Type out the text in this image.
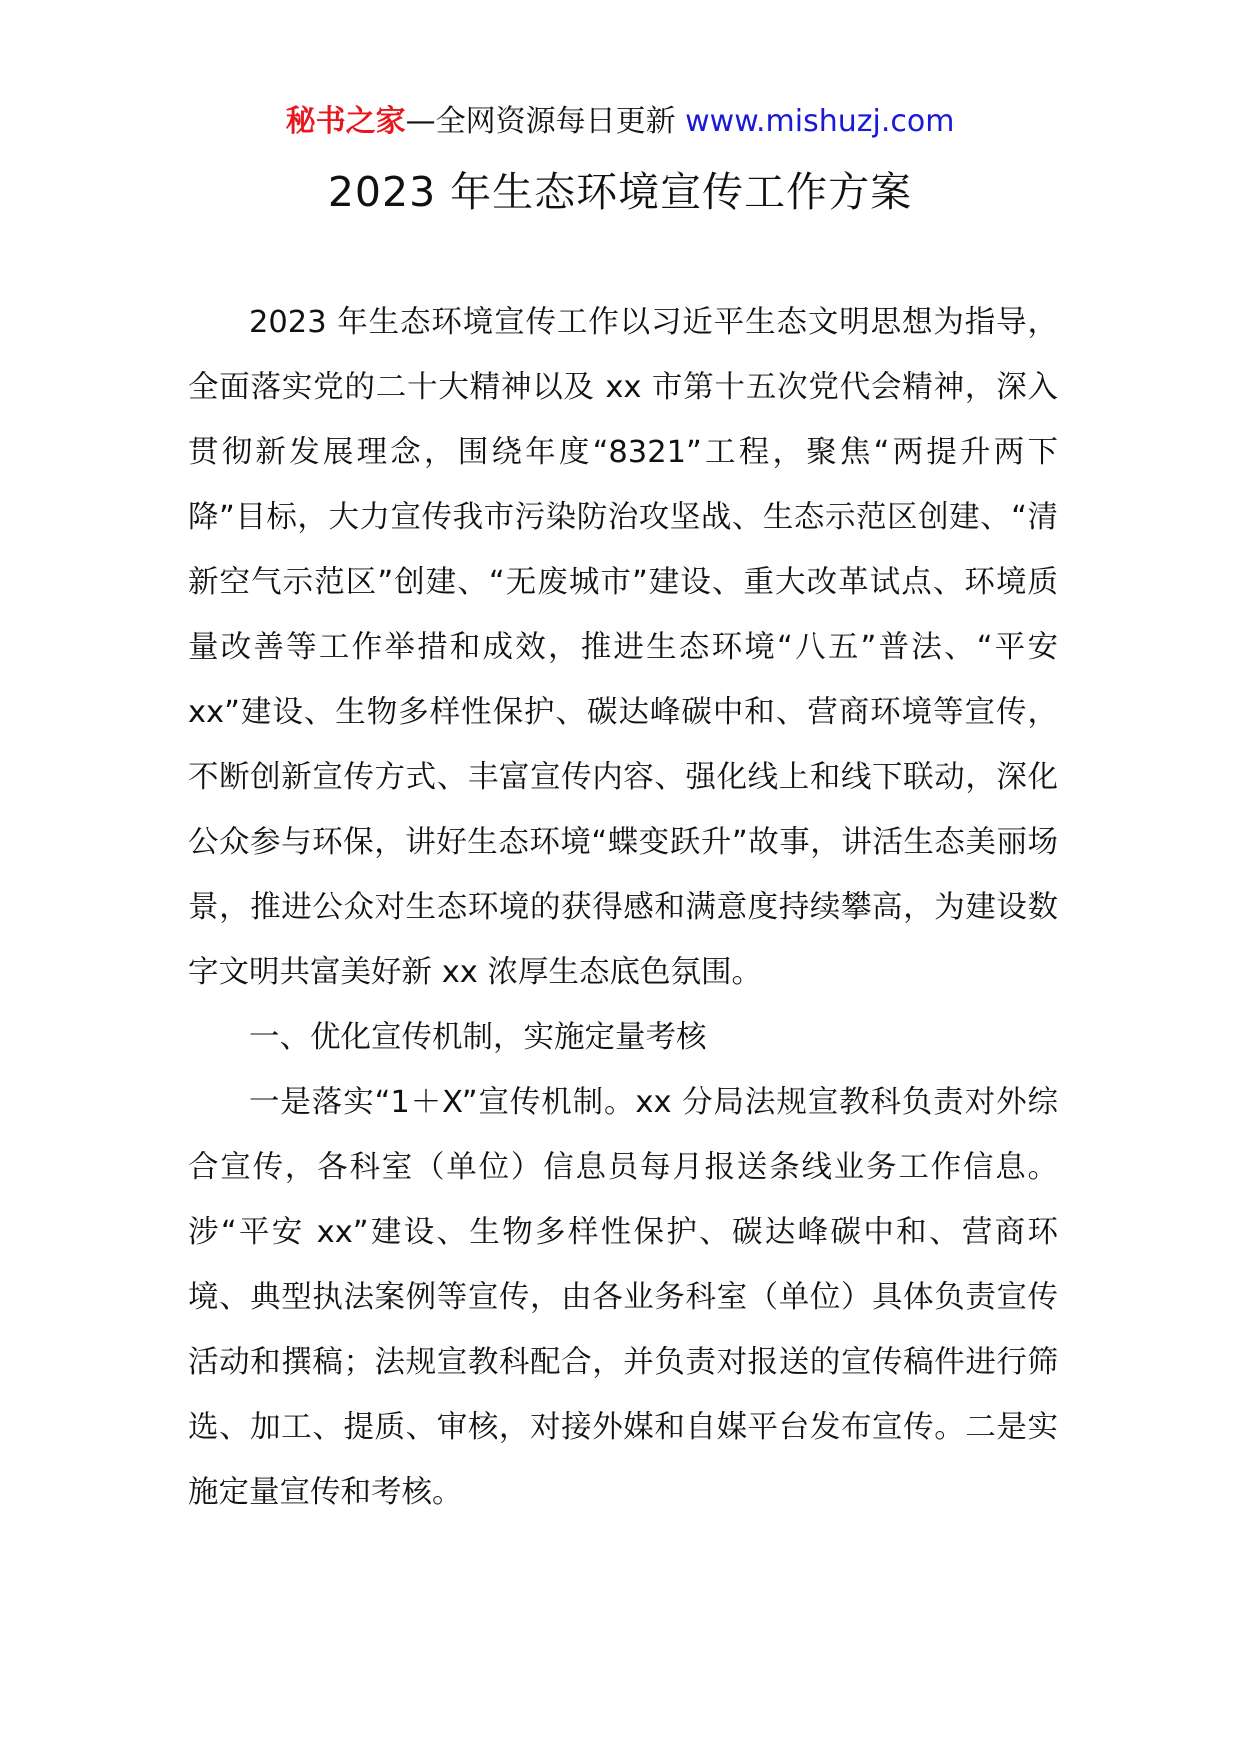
秘书之家—全网资源每日更新 www.mishuzj.com
2023 年生态环境宣传工作方案

2023 年生态环境宣传工作以习近平生态文明思想为指导，全面落实党的二十大精神以及 xx 市第十五次党代会精神，深入贯彻新发展理念，围绕年度“8321”工程，聚焦“两提升两下降”目标，大力宣传我市污染防治攻坚战、生态示范区创建、“清新空气示范区”创建、“无废城市”建设、重大改革试点、环境质量改善等工作举措和成效，推进生态环境“八五”普法、“平安 xx”建设、生物多样性保护、碳达峰碳中和、营商环境等宣传，不断创新宣传方式、丰富宣传内容、强化线上和线下联动，深化公众参与环保，讲好生态环境“蝶变跃升”故事，讲活生态美丽场景，推进公众对生态环境的获得感和满意度持续攀高，为建设数字文明共富美好新 xx 浓厚生态底色氛围。

一、优化宣传机制，实施定量考核

一是落实“1＋X”宣传机制。xx 分局法规宣教科负责对外综合宣传，各科室（单位）信息员每月报送条线业务工作信息。涉“平安 xx”建设、生物多样性保护、碳达峰碳中和、营商环境、典型执法案例等宣传，由各业务科室（单位）具体负责宣传活动和撰稿；法规宣教科配合，并负责对报送的宣传稿件进行筛选、加工、提质、审核，对接外媒和自媒平台发布宣传。二是实施定量宣传和考核。
